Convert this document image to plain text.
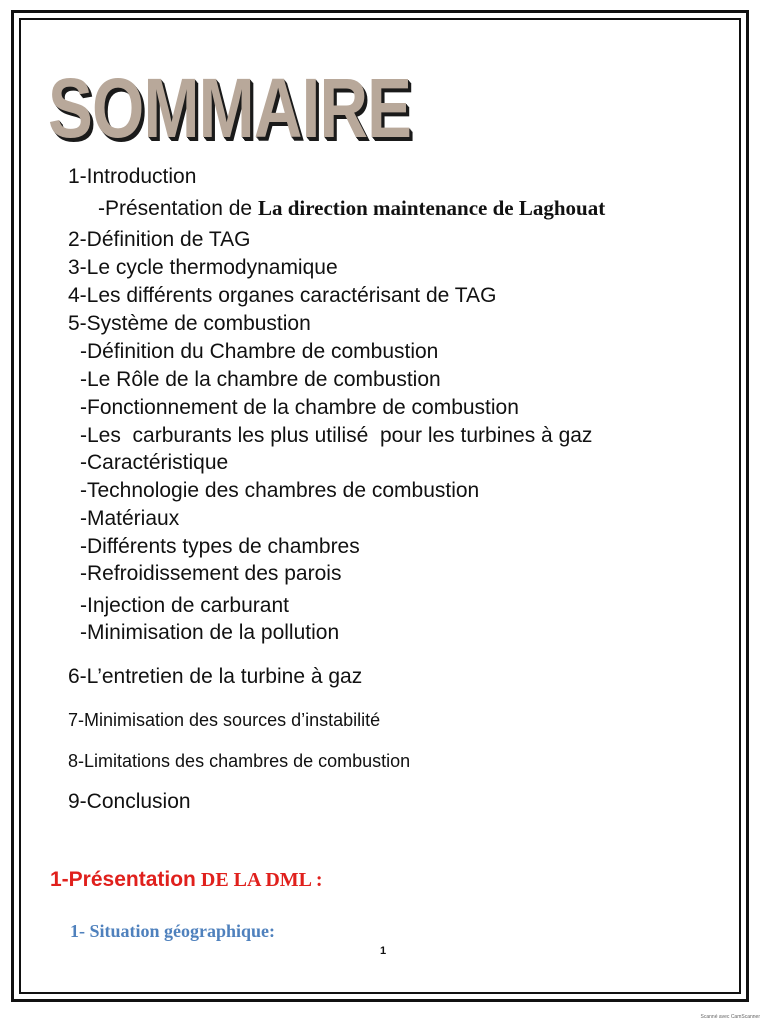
SOMMAIRE
1-Introduction
-Présentation de La direction maintenance de Laghouat
2-Définition de TAG
3-Le cycle thermodynamique
4-Les différents organes caractérisant de TAG
5-Système de combustion
-Définition du Chambre de combustion
-Le Rôle de la chambre de combustion
-Fonctionnement de la chambre de combustion
-Les  carburants les plus utilisé  pour les turbines à gaz
-Caractéristique
-Technologie des chambres de combustion
-Matériaux
-Différents types de chambres
-Refroidissement des parois
-Injection de carburant
-Minimisation de la pollution
6-L’entretien de la turbine à gaz
7-Minimisation des sources d’instabilité
8-Limitations des chambres de combustion
9-Conclusion
1-Présentation DE LA DML :
1- Situation géographique:
1
Scanné avec CamScanner
